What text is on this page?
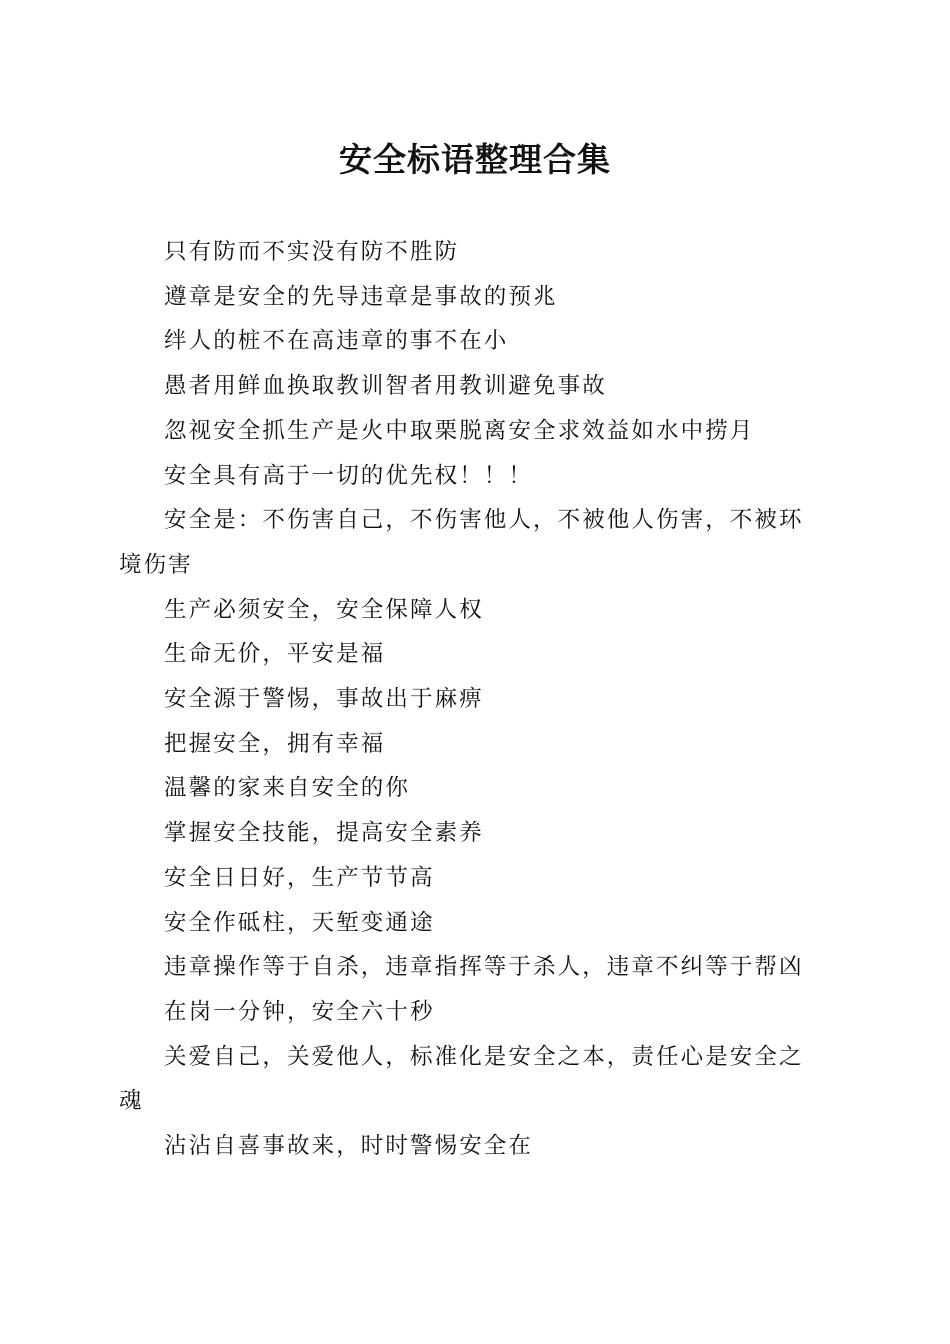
安全标语整理合集

只有防而不实没有防不胜防

遵章是安全的先导违章是事故的预兆

绊人的桩不在高违章的事不在小

愚者用鲜血换取教训智者用教训避免事故

忽视安全抓生产是火中取栗脱离安全求效益如水中捞月

安全具有高于一切的优先权！！！

安全是：不伤害自己，不伤害他人，不被他人伤害，不被环境伤害

生产必须安全，安全保障人权

生命无价，平安是福

安全源于警惕，事故出于麻痹

把握安全，拥有幸福

温馨的家来自安全的你

掌握安全技能，提高安全素养

安全日日好，生产节节高

安全作砥柱，天堑变通途

违章操作等于自杀，违章指挥等于杀人，违章不纠等于帮凶

在岗一分钟，安全六十秒

关爱自己，关爱他人，标准化是安全之本，责任心是安全之魂

沾沾自喜事故来，时时警惕安全在
